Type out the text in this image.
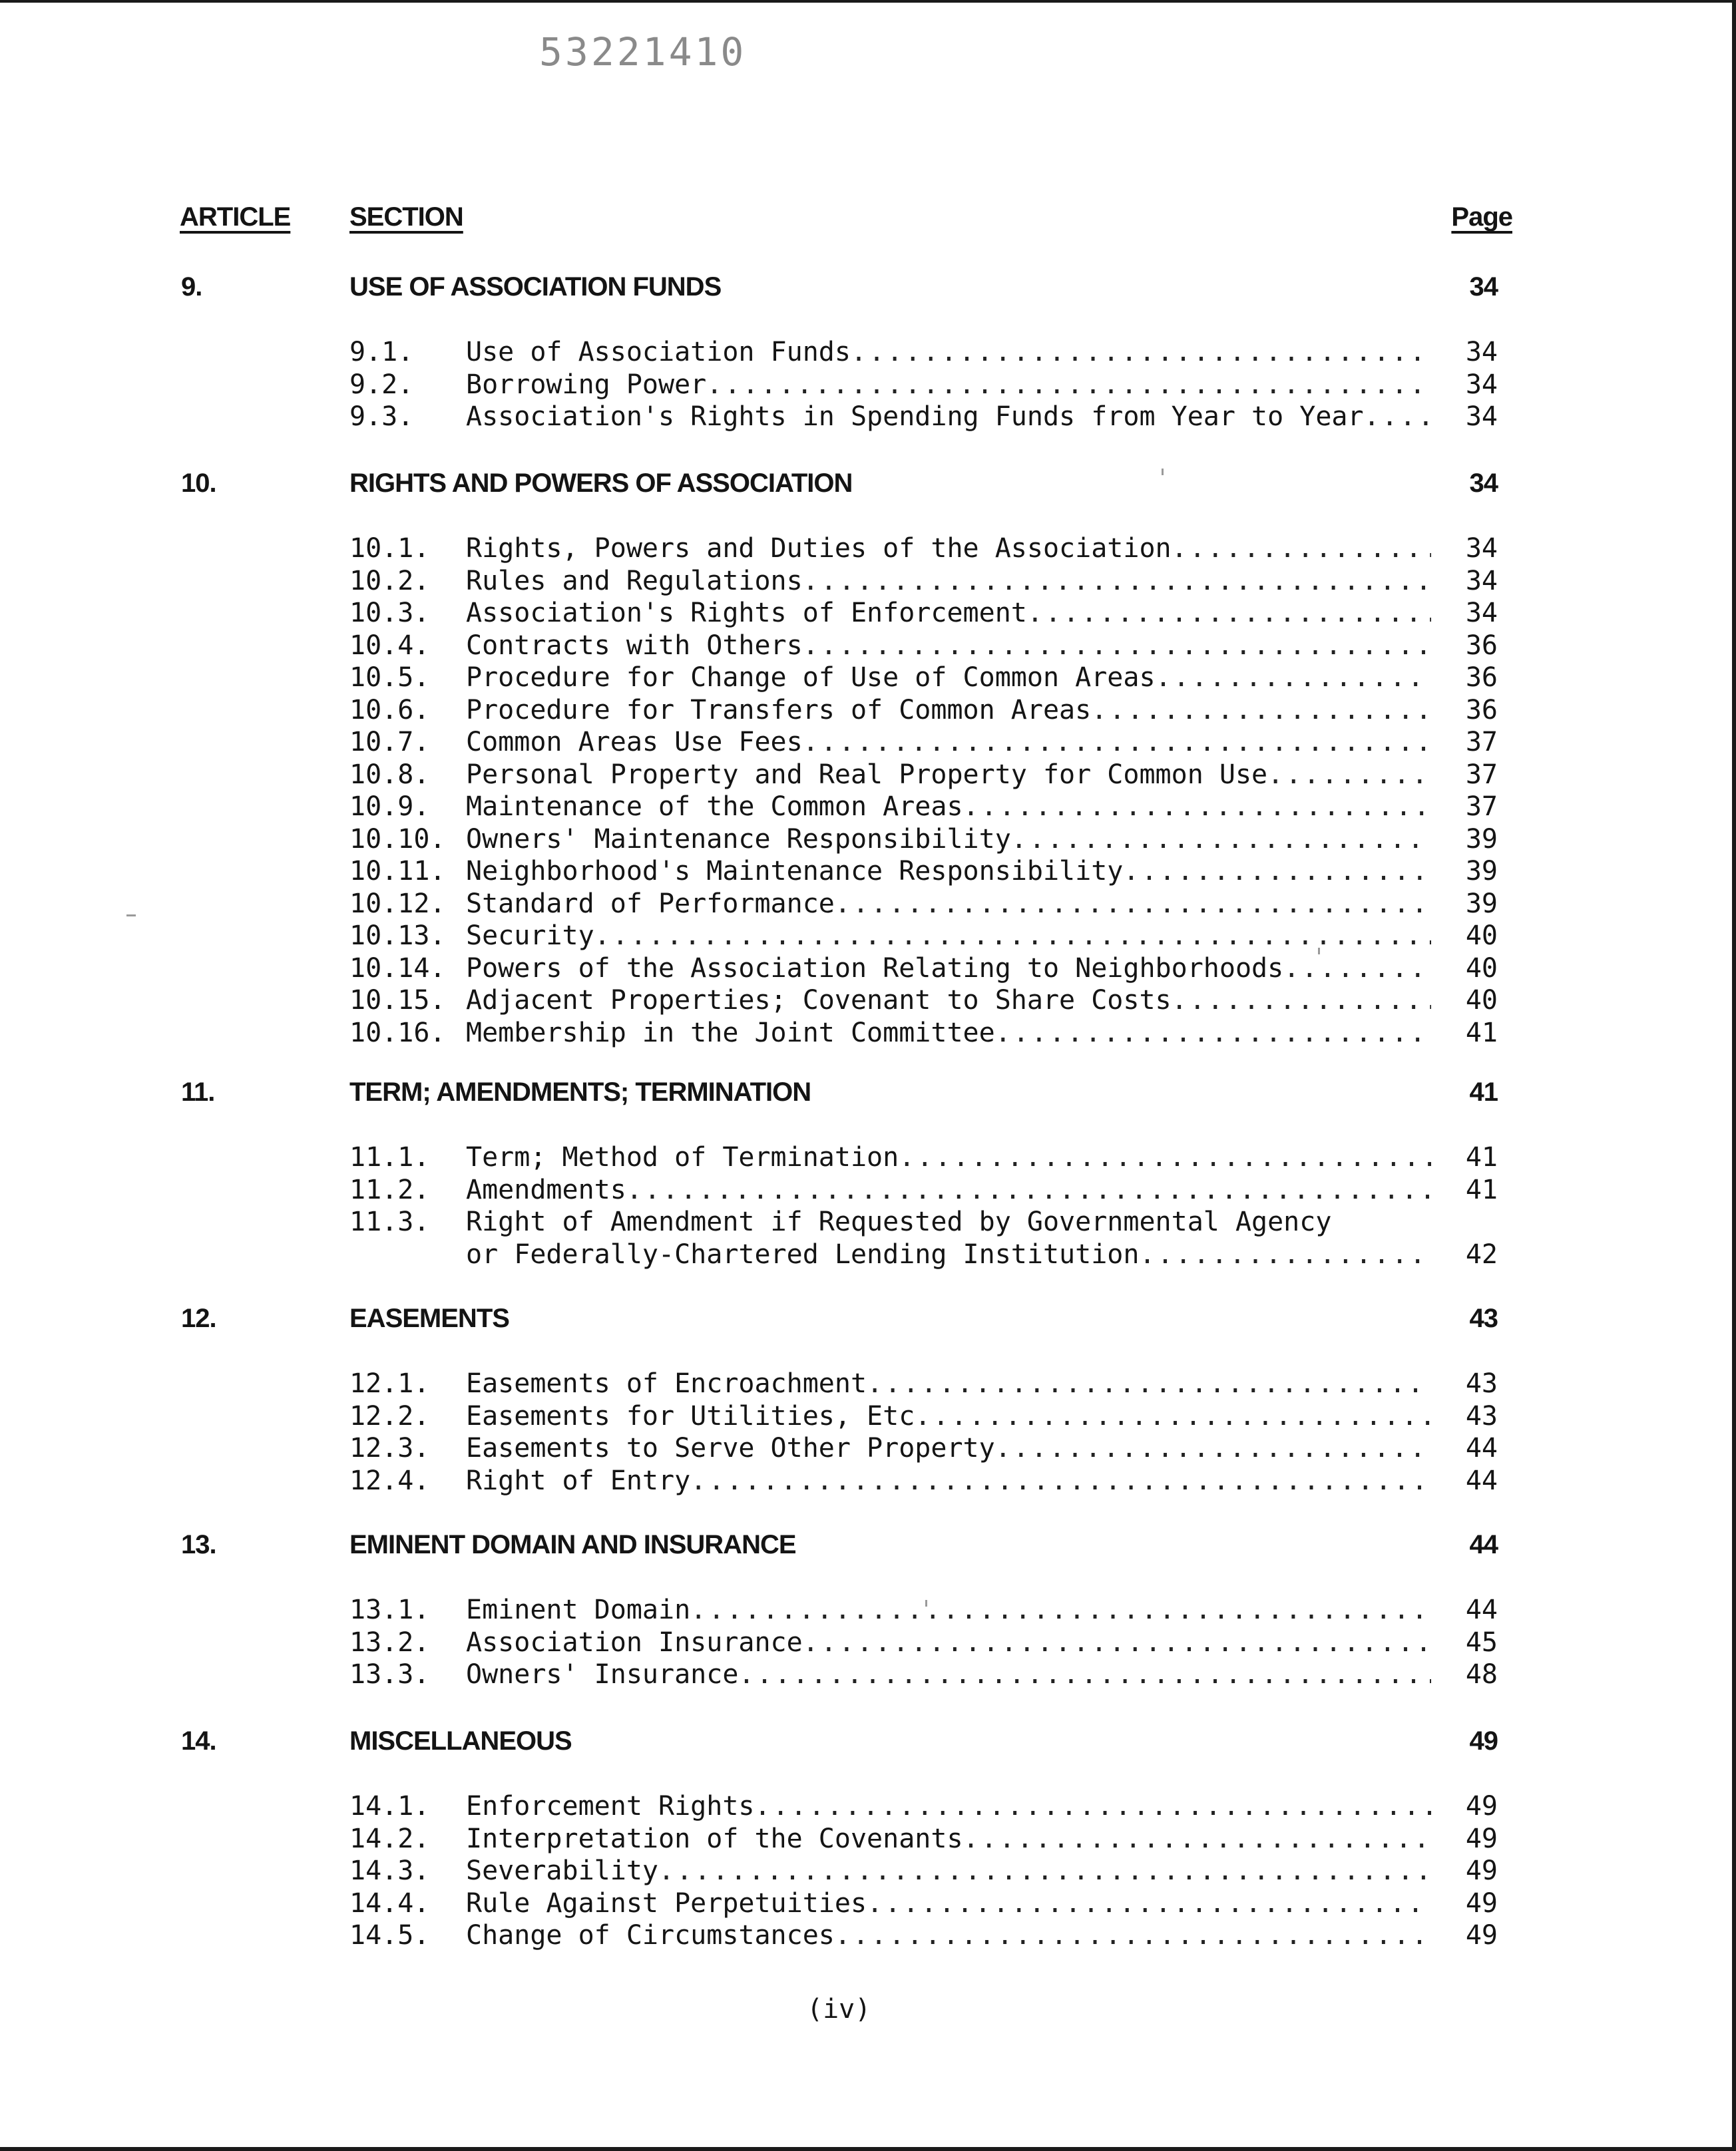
53221410
ARTICLE SECTION	Page
(iv)
9.	USE OF ASSOCIATION FUNDS	34
9.1. Use of Association Funds .....	34
9.2. Borrowing Power .....	34
9.3. Association's Rights in Spending Funds from Year to Year .....	34
10.	RIGHTS AND POWERS OF ASSOCIATION	34
10.1. Rights, Powers and Duties of the Association .....	34
10.2. Rules and Regulations .....	34
10.3. Association's Rights of Enforcement .....	34
10.4. Contracts with Others .....	36
10.5. Procedure for Change of Use of Common Areas .....	36
10.6. Procedure for Transfers of Common Areas .....	36
10.7. Common Areas Use Fees .....	37
10.8. Personal Property and Real Property for Common Use .....	37
10.9. Maintenance of the Common Areas .....	37
10.10. Owners' Maintenance Responsibility .....	39
10.11. Neighborhood's Maintenance Responsibility .....	39
10.12. Standard of Performance .....	39
10.13. Security .....	40
10.14. Powers of the Association Relating to Neighborhoods .....	40
10.15. Adjacent Properties; Covenant to Share Costs .....	40
10.16. Membership in the Joint Committee .....	41
11.	TERM; AMENDMENTS; TERMINATION	41
11.1. Term; Method of Termination .....	41
11.2. Amendments .....	41
11.3. Right of Amendment if Requested by Governmental Agency
or Federally-Chartered Lending Institution .....	42
12.	EASEMENTS	43
12.1. Easements of Encroachment .....	43
12.2. Easements for Utilities, Etc .....	43
12.3. Easements to Serve Other Property .....	44
12.4. Right of Entry .....	44
13.	EMINENT DOMAIN AND INSURANCE	44
13.1. Eminent Domain .....	44
13.2. Association Insurance .....	45
13.3. Owners' Insurance .....	48
14.	MISCELLANEOUS	49
14.1. Enforcement Rights .....	49
14.2. Interpretation of the Covenants .....	49
14.3. Severability .....	49
14.4. Rule Against Perpetuities .....	49
14.5. Change of Circumstances .....	49
